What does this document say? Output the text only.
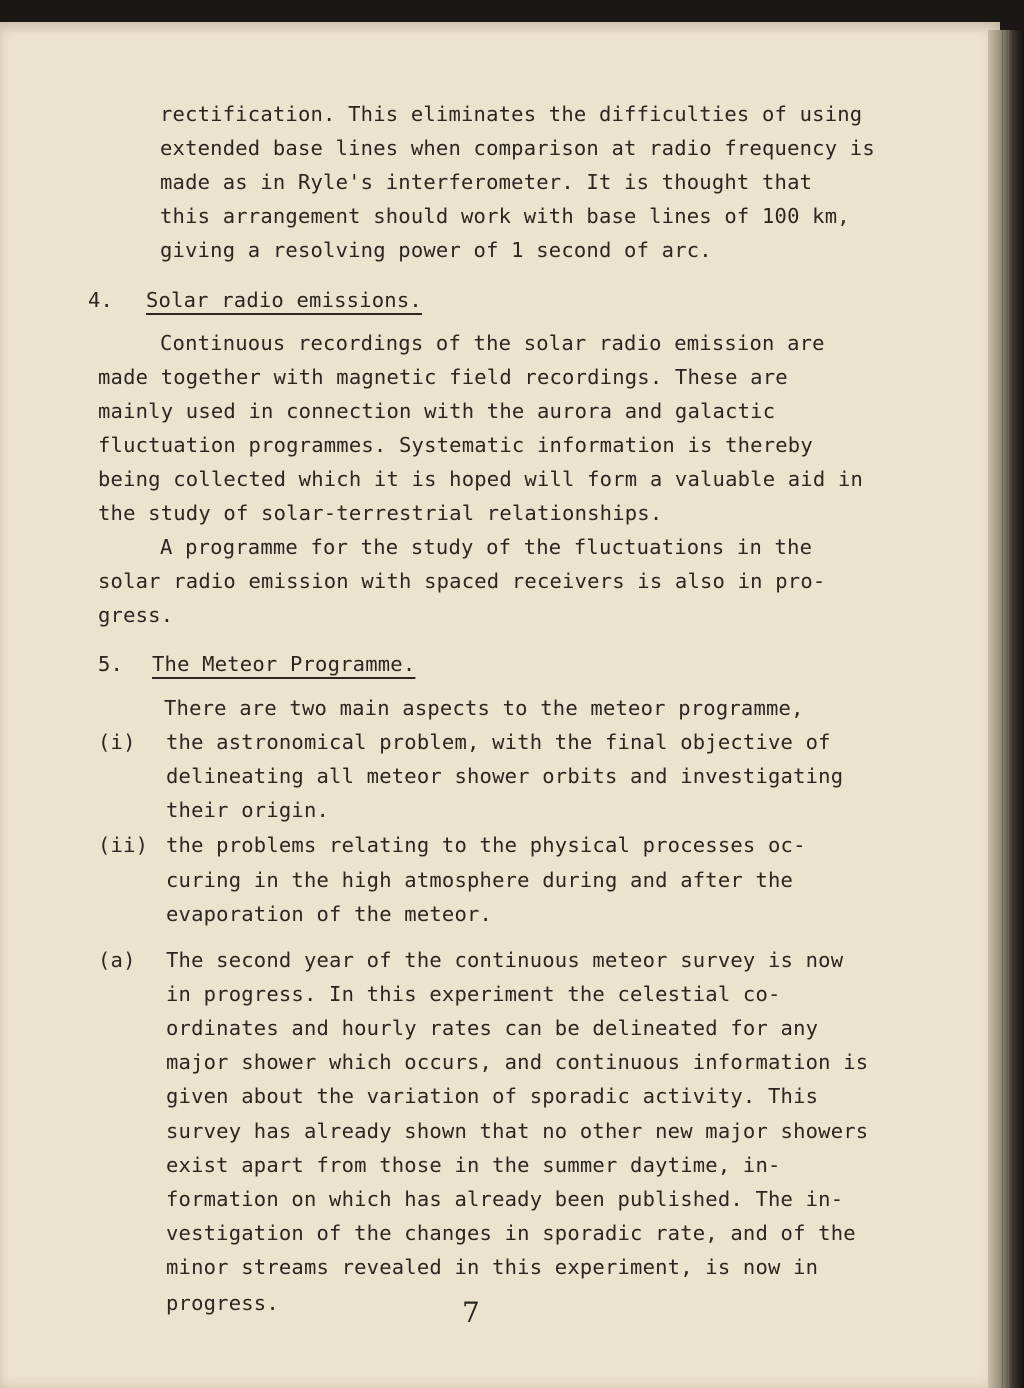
rectification. This eliminates the difficulties of using

extended base lines when comparison at radio frequency is

made as in Ryle's interferometer. It is thought that

this arrangement should work with base lines of 100 km,

giving a resolving power of 1 second of arc.

4. Solar radio emissions.

Continuous recordings of the solar radio emission are

made together with magnetic field recordings. These are

mainly used in connection with the aurora and galactic

fluctuation programmes. Systematic information is thereby

being collected which it is hoped will form a valuable aid in

the study of solar-terrestrial relationships.

A programme for the study of the fluctuations in the

solar radio emission with spaced receivers is also in pro-

gress.

5. The Meteor Programme.

There are two main aspects to the meteor programme,

(i) the astronomical problem, with the final objective of

delineating all meteor shower orbits and investigating

their origin.

(ii) the problems relating to the physical processes oc-

curing in the high atmosphere during and after the

evaporation of the meteor.

(a) The second year of the continuous meteor survey is now

in progress. In this experiment the celestial co-

ordinates and hourly rates can be delineated for any

major shower which occurs, and continuous information is

given about the variation of sporadic activity. This

survey has already shown that no other new major showers

exist apart from those in the summer daytime, in-

formation on which has already been published. The in-

vestigation of the changes in sporadic rate, and of the

minor streams revealed in this experiment, is now in

progress.	7
